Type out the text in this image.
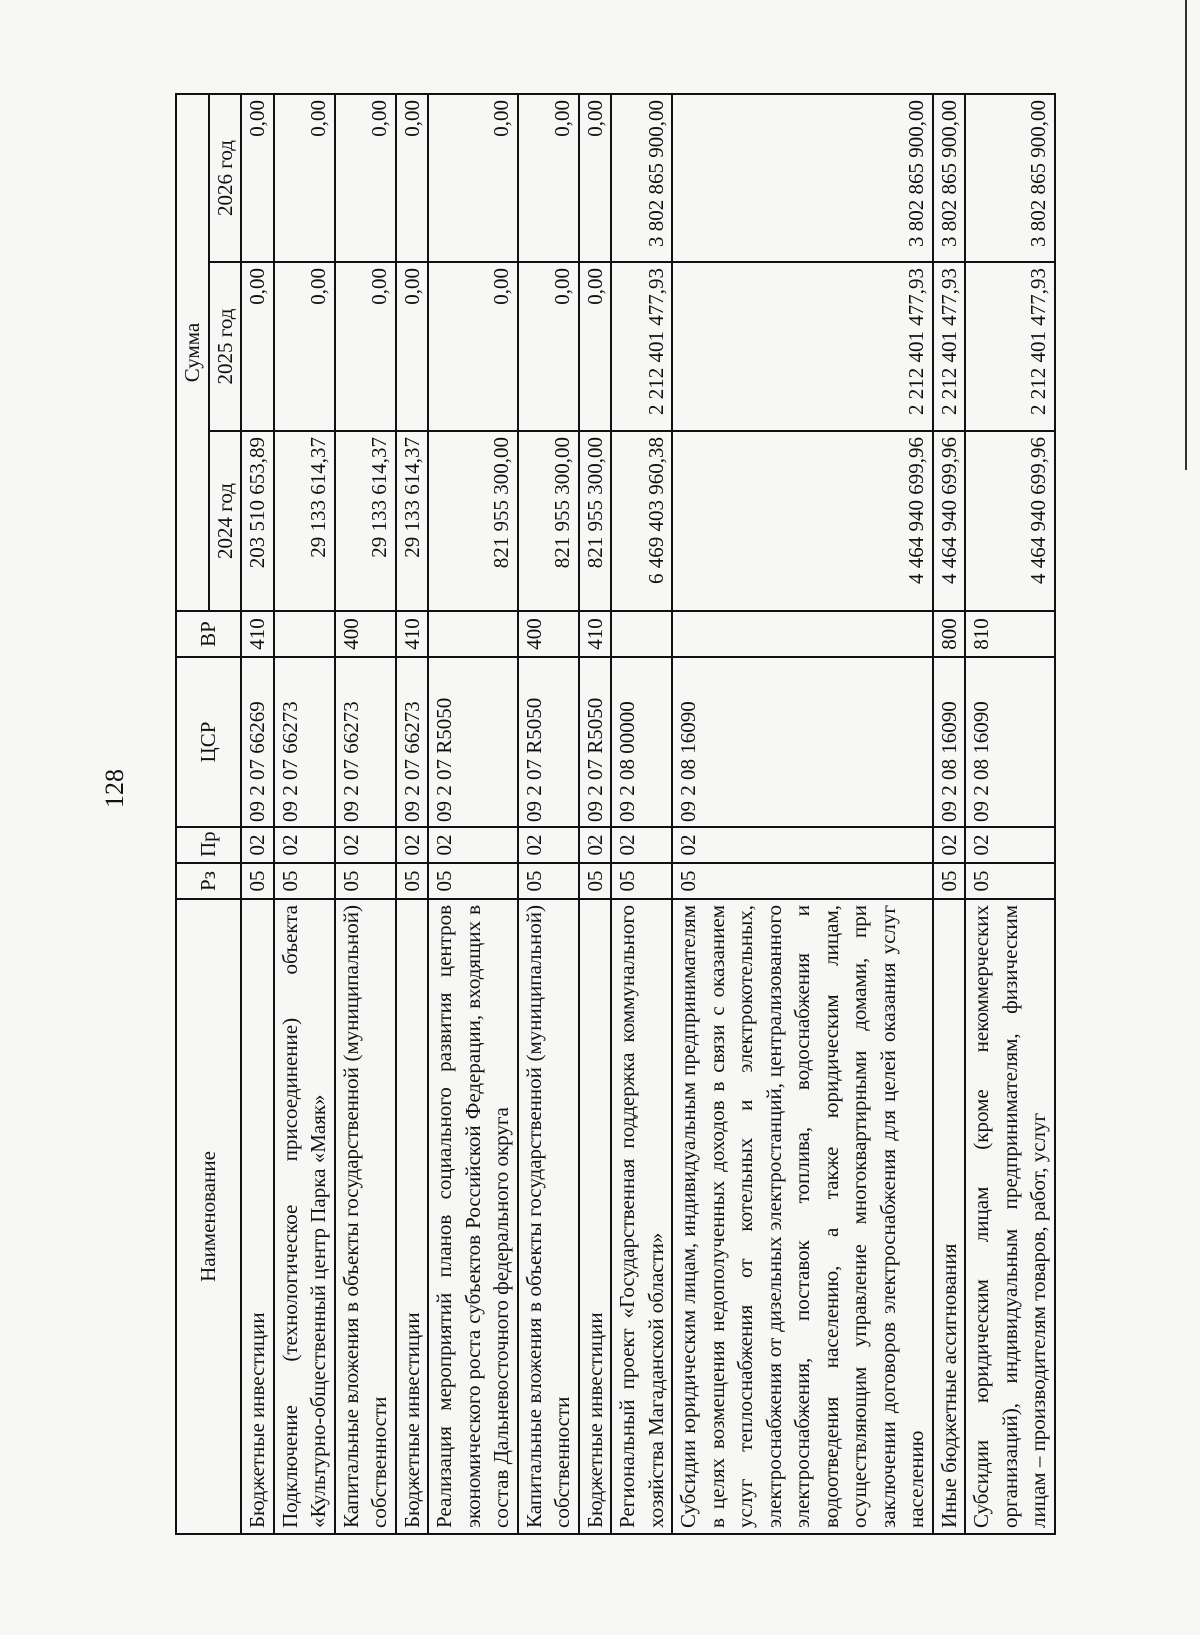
128
Наименование	Рз	Пр	ЦСР	ВР	Сумма		
					2024 год	2025 год	2026 год
Бюджетные инвестиции	05	02	09 2 07 66269	410	203 510 653,89	0,00	0,00
Подключение (технологическое присоединение) объекта «Культурно-общественный центр Парка «Маяк»	05	02	09 2 07 66273		29 133 614,37	0,00	0,00
Капитальные вложения в объекты государственной (муниципальной) собственности	05	02	09 2 07 66273	400	29 133 614,37	0,00	0,00
Бюджетные инвестиции	05	02	09 2 07 66273	410	29 133 614,37	0,00	0,00
Реализация мероприятий планов социального развития центров экономического роста субъектов Российской Федерации, входящих в состав Дальневосточного федерального округа	05	02	09 2 07 R5050		821 955 300,00	0,00	0,00
Капитальные вложения в объекты государственной (муниципальной) собственности	05	02	09 2 07 R5050	400	821 955 300,00	0,00	0,00
Бюджетные инвестиции	05	02	09 2 07 R5050	410	821 955 300,00	0,00	0,00
Региональный проект «Государственная поддержка коммунального хозяйства Магаданской области»	05	02	09 2 08 00000		6 469 403 960,38	2 212 401 477,93	3 802 865 900,00
Субсидии юридическим лицам, индивидуальным предпринимателям в целях возмещения недополученных доходов в связи с оказанием услуг теплоснабжения от котельных и электрокотельных, электроснабжения от дизельных электростанций, централизованного электроснабжения, поставок топлива, водоснабжения и водоотведения населению, а также юридическим лицам, осуществляющим управление многоквартирными домами, при заключении договоров электроснабжения для целей оказания услуг населению	05	02	09 2 08 16090		4 464 940 699,96	2 212 401 477,93	3 802 865 900,00
Иные бюджетные ассигнования	05	02	09 2 08 16090	800	4 464 940 699,96	2 212 401 477,93	3 802 865 900,00
Субсидии юридическим лицам (кроме некоммерческих организаций), индивидуальным предпринимателям, физическим лицам – производителям товаров, работ, услуг	05	02	09 2 08 16090	810	4 464 940 699,96	2 212 401 477,93	3 802 865 900,00
